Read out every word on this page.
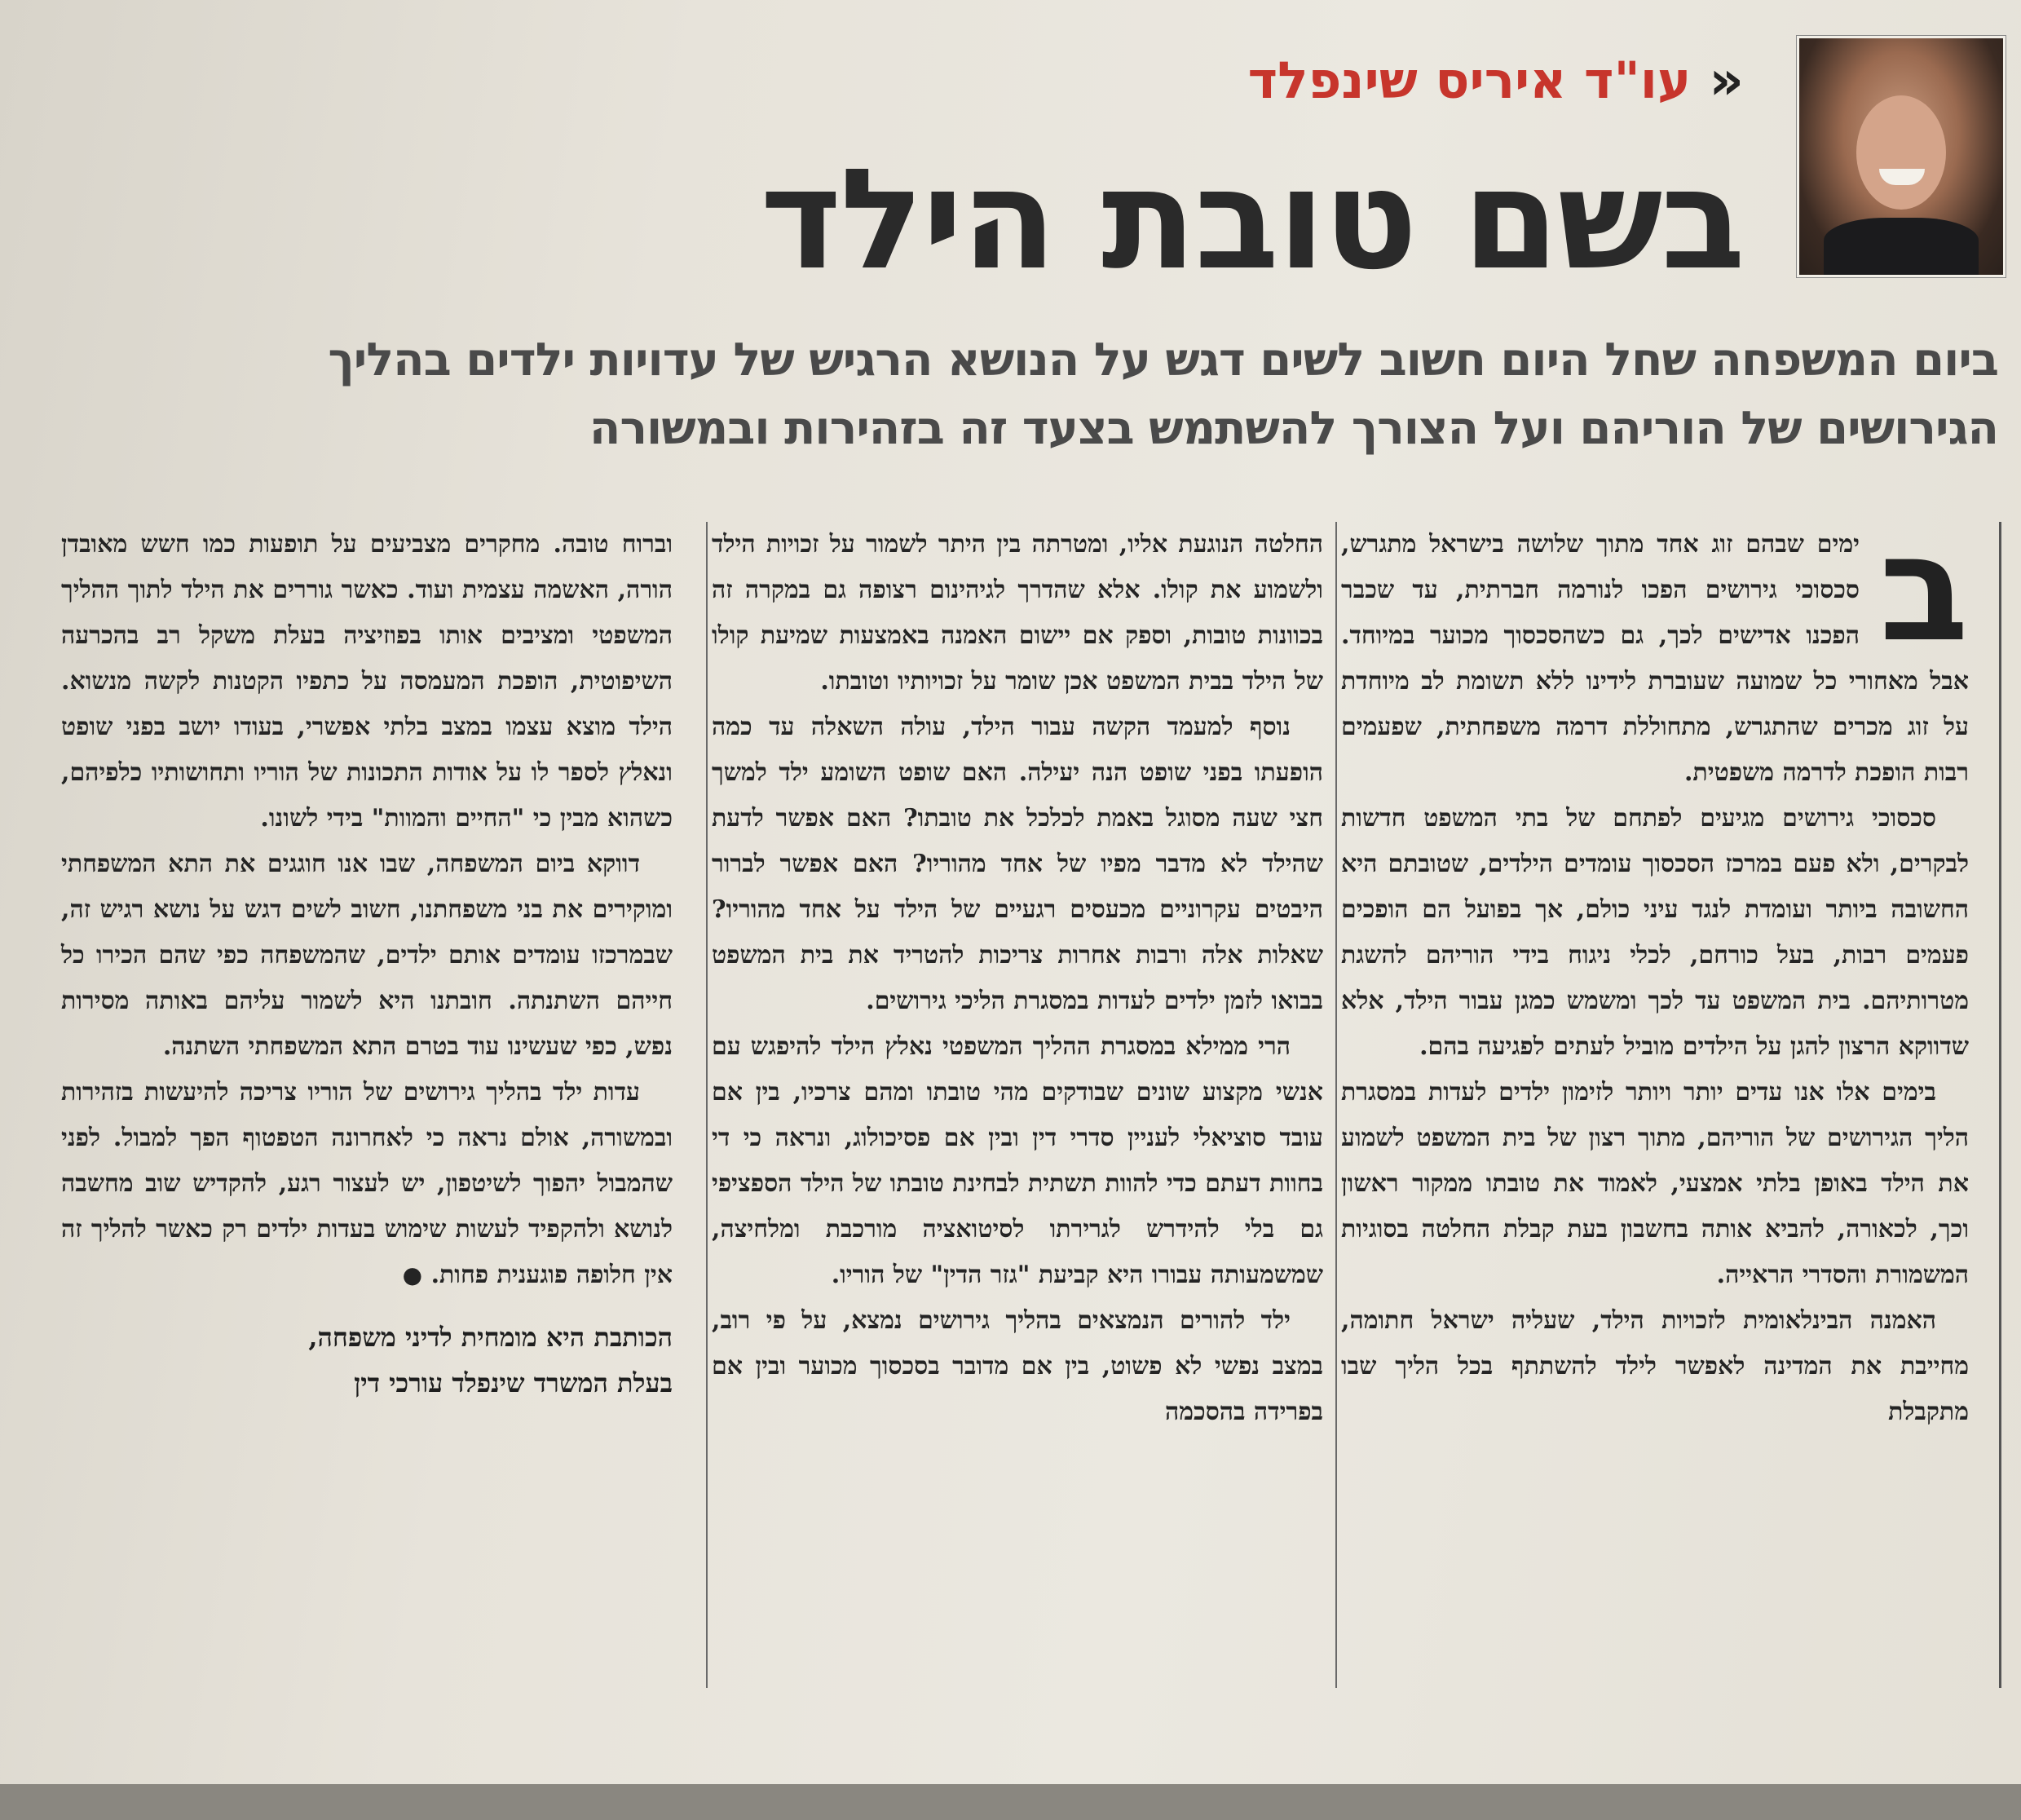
«
עו"ד איריס שינפלד
בשם טובת הילד
ביום המשפחה שחל היום חשוב לשים דגש על הנושא הרגיש של עדויות ילדים בהליך הגירושים של הוריהם ועל הצורך להשתמש בצעד זה בזהירות ובמשורה

ב
ימים שבהם זוג אחד מתוך שלושה בישראל מתגרש, סכסוכי גירושים הפכו לנורמה חברתית, עד שכבר הפכנו אדישים לכך, גם כשהסכסוך מכוער במיוחד. אבל מאחורי כל שמועה שעוברת לידינו ללא תשומת לב מיוחדת על זוג מכרים שהתגרש, מתחוללת דרמה משפחתית, שפעמים רבות הופכת לדרמה משפטית.

סכסוכי גירושים מגיעים לפתחם של בתי המשפט חדשות לבקרים, ולא פעם במרכז הסכסוך עומדים הילדים, שטובתם היא החשובה ביותר ועומדת לנגד עיני כולם, אך בפועל הם הופכים פעמים רבות, בעל כורחם, לכלי ניגוח בידי הוריהם להשגת מטרותיהם. בית המשפט עד לכך ומשמש כמגן עבור הילד, אלא שדווקא הרצון להגן על הילדים מוביל לעתים לפגיעה בהם.

בימים אלו אנו עדים יותר ויותר לזימון ילדים לעדות במסגרת הליך הגירושים של הוריהם, מתוך רצון של בית המשפט לשמוע את הילד באופן בלתי אמצעי, לאמוד את טובתו ממקור ראשון וכך, לכאורה, להביא אותה בחשבון בעת קבלת החלטה בסוגיות המשמורת והסדרי הראייה.

האמנה הבינלאומית לזכויות הילד, שעליה ישראל חתומה, מחייבת את המדינה לאפשר לילד להשתתף בכל הליך שבו מתקבלת

החלטה הנוגעת אליו, ומטרתה בין היתר לשמור על זכויות הילד ולשמוע את קולו. אלא שהדרך לגיהינום רצופה גם במקרה זה בכוונות טובות, וספק אם יישום האמנה באמצעות שמיעת קולו של הילד בבית המשפט אכן שומר על זכויותיו וטובתו.

נוסף למעמד הקשה עבור הילד, עולה השאלה עד כמה הופעתו בפני שופט הנה יעילה. האם שופט השומע ילד למשך חצי שעה מסוגל באמת לכלכל את טובתו? האם אפשר לדעת שהילד לא מדבר מפיו של אחד מהוריו? האם אפשר לברור היבטים עקרוניים מכעסים רגעיים של הילד על אחד מהוריו? שאלות אלה ורבות אחרות צריכות להטריד את בית המשפט בבואו לזמן ילדים לעדות במסגרת הליכי גירושים.

הרי ממילא במסגרת ההליך המשפטי נאלץ הילד להיפגש עם אנשי מקצוע שונים שבודקים מהי טובתו ומהם צרכיו, בין אם עובד סוציאלי לעניין סדרי דין ובין אם פסיכולוג, ונראה כי די בחוות דעתם כדי להוות תשתית לבחינת טובתו של הילד הספציפי גם בלי להידרש לגרירתו לסיטואציה מורכבת ומלחיצה, שמשמעותה עבורו היא קביעת "גזר הדין" של הוריו.

ילד להורים הנמצאים בהליך גירושים נמצא, על פי רוב, במצב נפשי לא פשוט, בין אם מדובר בסכסוך מכוער ובין אם בפרידה בהסכמה

וברוח טובה. מחקרים מצביעים על תופעות כמו חשש מאובדן הורה, האשמה עצמית ועוד. כאשר גוררים את הילד לתוך ההליך המשפטי ומציבים אותו בפוזיציה בעלת משקל רב בהכרעה השיפוטית, הופכת המעמסה על כתפיו הקטנות לקשה מנשוא. הילד מוצא עצמו במצב בלתי אפשרי, בעודו יושב בפני שופט ונאלץ לספר לו על אודות התכונות של הוריו ותחושותיו כלפיהם, כשהוא מבין כי "החיים והמוות" בידי לשונו.

דווקא ביום המשפחה, שבו אנו חוגגים את התא המשפחתי ומוקירים את בני משפחתנו, חשוב לשים דגש על נושא רגיש זה, שבמרכזו עומדים אותם ילדים, שהמשפחה כפי שהם הכירו כל חייהם השתנתה. חובתנו היא לשמור עליהם באותה מסירות נפש, כפי שעשינו עוד בטרם התא המשפחתי השתנה.

עדות ילד בהליך גירושים של הוריו צריכה להיעשות בזהירות ובמשורה, אולם נראה כי לאחרונה הטפטוף הפך למבול. לפני שהמבול יהפוך לשיטפון, יש לעצור רגע, להקדיש שוב מחשבה לנושא ולהקפיד לעשות שימוש בעדות ילדים רק כאשר להליך זה אין חלופה פוגענית פחות. ●

הכותבת היא מומחית לדיני משפחה,
בעלת המשרד שינפלד עורכי דין
